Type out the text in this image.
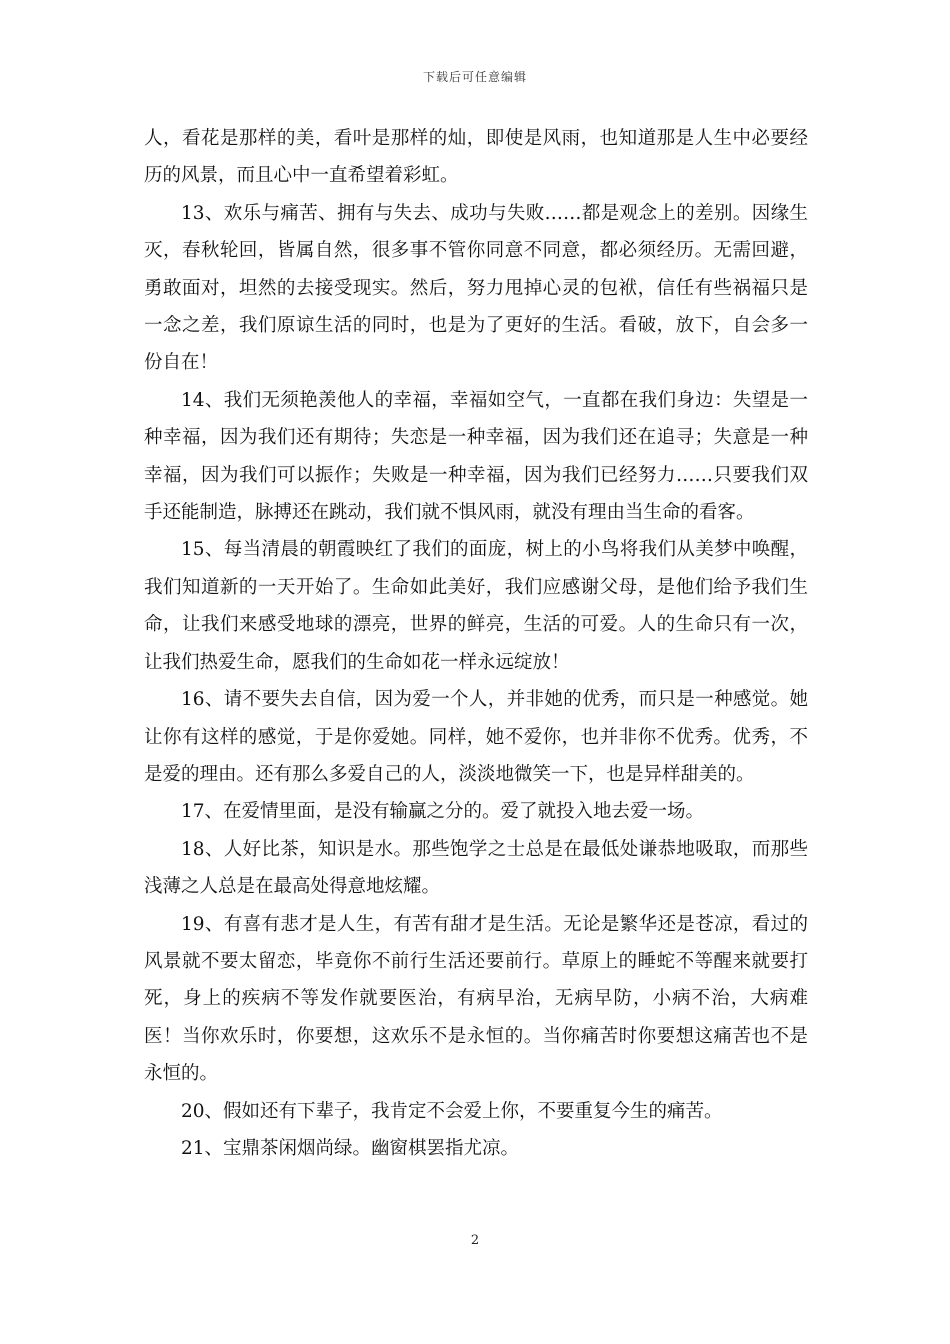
下载后可任意编辑

人，看花是那样的美，看叶是那样的灿，即使是风雨，也知道那是人生中必要经历的风景，而且心中一直希望着彩虹。

13、欢乐与痛苦、拥有与失去、成功与失败……都是观念上的差别。因缘生灭，春秋轮回，皆属自然，很多事不管你同意不同意，都必须经历。无需回避，勇敢面对，坦然的去接受现实。然后，努力甩掉心灵的包袱，信任有些祸福只是一念之差，我们原谅生活的同时，也是为了更好的生活。看破，放下，自会多一份自在！

14、我们无须艳羡他人的幸福，幸福如空气，一直都在我们身边：失望是一种幸福，因为我们还有期待；失恋是一种幸福，因为我们还在追寻；失意是一种幸福，因为我们可以振作；失败是一种幸福，因为我们已经努力……只要我们双手还能制造，脉搏还在跳动，我们就不惧风雨，就没有理由当生命的看客。

15、每当清晨的朝霞映红了我们的面庞，树上的小鸟将我们从美梦中唤醒，我们知道新的一天开始了。生命如此美好，我们应感谢父母，是他们给予我们生命，让我们来感受地球的漂亮，世界的鲜亮，生活的可爱。人的生命只有一次，让我们热爱生命，愿我们的生命如花一样永远绽放！

16、请不要失去自信，因为爱一个人，并非她的优秀，而只是一种感觉。她让你有这样的感觉，于是你爱她。同样，她不爱你，也并非你不优秀。优秀，不是爱的理由。还有那么多爱自己的人，淡淡地微笑一下，也是异样甜美的。

17、在爱情里面，是没有输赢之分的。爱了就投入地去爱一场。

18、人好比茶，知识是水。那些饱学之士总是在最低处谦恭地吸取，而那些浅薄之人总是在最高处得意地炫耀。

19、有喜有悲才是人生，有苦有甜才是生活。无论是繁华还是苍凉，看过的风景就不要太留恋，毕竟你不前行生活还要前行。草原上的睡蛇不等醒来就要打死，身上的疾病不等发作就要医治，有病早治，无病早防，小病不治，大病难医！当你欢乐时，你要想，这欢乐不是永恒的。当你痛苦时你要想这痛苦也不是永恒的。

20、假如还有下辈子，我肯定不会爱上你，不要重复今生的痛苦。

21、宝鼎茶闲烟尚绿。幽窗棋罢指尤凉。

2
